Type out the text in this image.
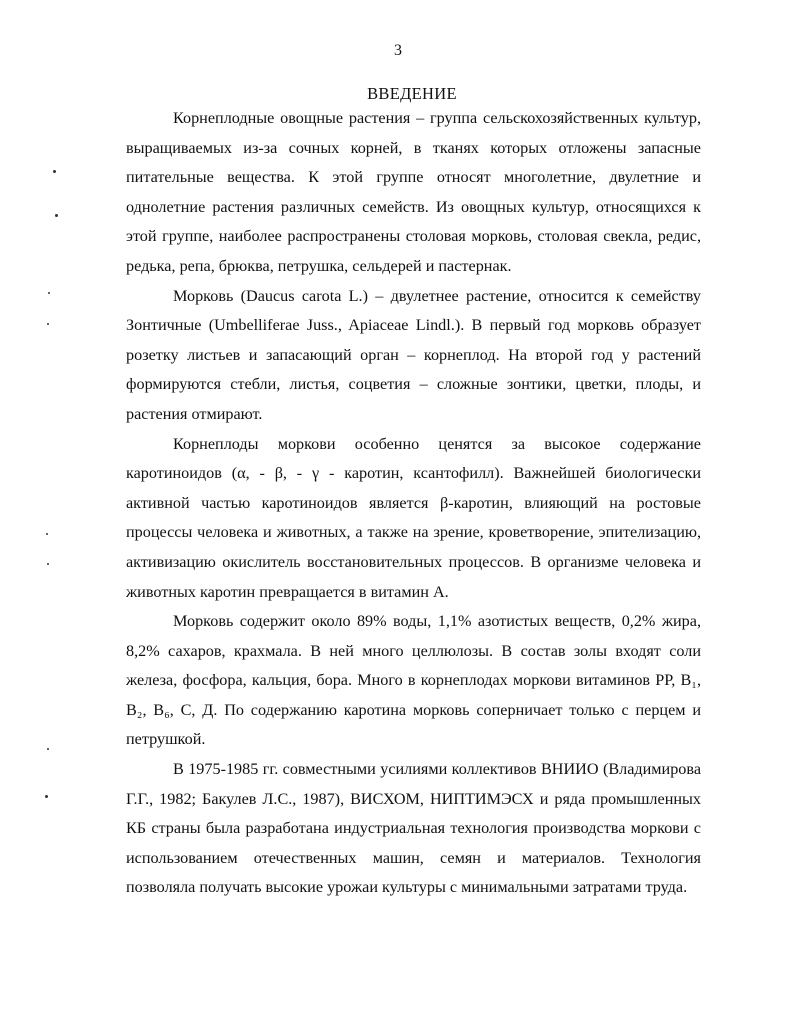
3
ВВЕДЕНИЕ

Корнеплодные овощные растения – группа сельскохозяйственных культур, выращиваемых из-за сочных корней, в тканях которых отложены запасные питательные вещества. К этой группе относят многолетние, двулетние и однолетние растения различных семейств. Из овощных культур, относящихся к этой группе, наиболее распространены столовая морковь, столовая свекла, редис, редька, репа, брюква, петрушка, сельдерей и пастернак.

Морковь (Daucus carota L.) – двулетнее растение, относится к семейству Зонтичные (Umbelliferae Juss., Apiaceae Lindl.). В первый год морковь образует розетку листьев и запасающий орган – корнеплод. На второй год у растений формируются стебли, листья, соцветия – сложные зонтики, цветки, плоды, и растения отмирают.

Корнеплоды моркови особенно ценятся за высокое содержание каротиноидов (α, - β, - γ - каротин, ксантофилл). Важнейшей биологически активной частью каротиноидов является β-каротин, влияющий на ростовые процессы человека и животных, а также на зрение, кроветворение, эпителизацию, активизацию окислитель восстановительных процессов. В организме человека и животных каротин превращается в витамин А.

Морковь содержит около 89% воды, 1,1% азотистых веществ, 0,2% жира, 8,2% сахаров, крахмала. В ней много целлюлозы. В состав золы входят соли железа, фосфора, кальция, бора. Много в корнеплодах моркови витаминов РР, B₁, B₂, B₆, С, Д. По содержанию каротина морковь соперничает только с перцем и петрушкой.

В 1975-1985 гг. совместными усилиями коллективов ВНИИО (Владимирова Г.Г., 1982; Бакулев Л.С., 1987), ВИСХОМ, НИПТИМЭСХ и ряда промышленных КБ страны была разработана индустриальная технология производства моркови с использованием отечественных машин, семян и материалов. Технология позволяла получать высокие урожаи культуры с минимальными затратами труда.
